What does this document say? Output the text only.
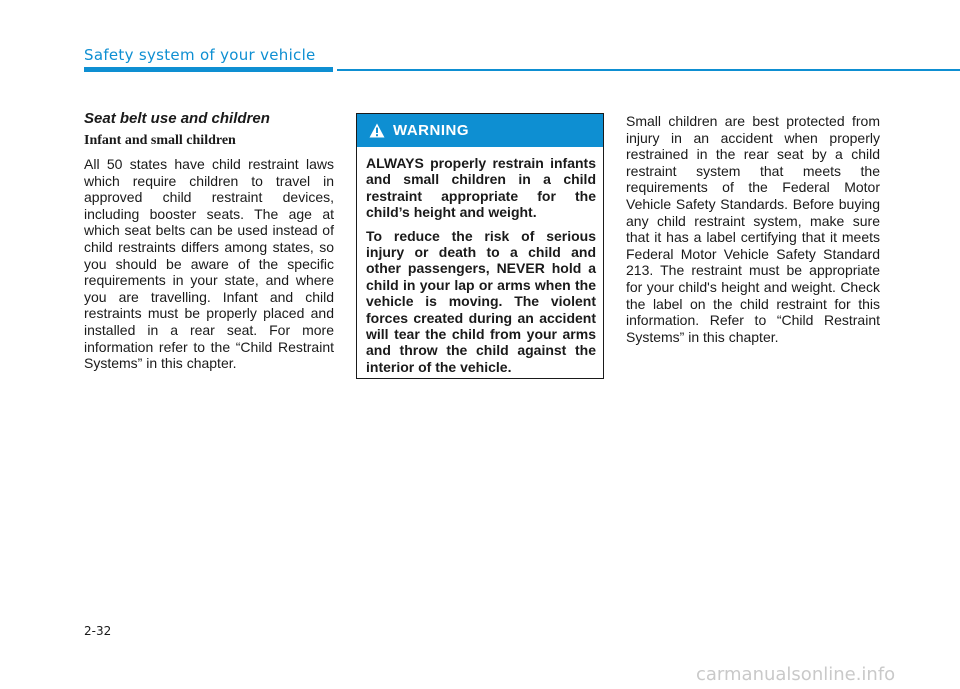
Safety system of your vehicle
Seat belt use and children
Infant and small children

All 50 states have child restraint laws which require children to travel in approved child restraint devices, including booster seats. The age at which seat belts can be used instead of child restraints differs among states, so you should be aware of the specific requirements in your state, and where you are travelling. Infant and child restraints must be properly placed and installed in a rear seat. For more information refer to the “Child Restraint Systems” in this chapter.

WARNING

ALWAYS properly restrain infants and small children in a child restraint appropriate for the child’s height and weight.

To reduce the risk of serious injury or death to a child and other passengers, NEVER hold a child in your lap or arms when the vehicle is moving. The violent forces created during an accident will tear the child from your arms and throw the child against the interior of the vehicle.

Small children are best protected from injury in an accident when properly restrained in the rear seat by a child restraint system that meets the requirements of the Federal Motor Vehicle Safety Standards. Before buying any child restraint system, make sure that it has a label certifying that it meets Federal Motor Vehicle Safety Standard 213. The restraint must be appropriate for your child's height and weight. Check the label on the child restraint for this information. Refer to “Child Restraint Systems” in this chapter.

2-32
carmanualsonline.info
